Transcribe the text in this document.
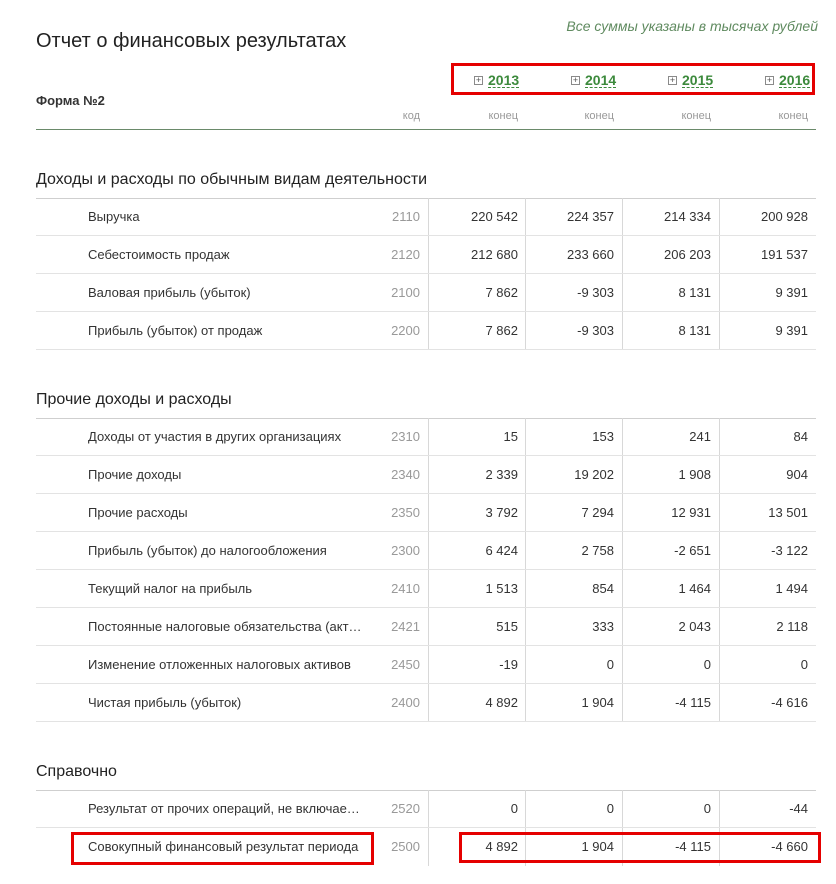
Отчет о финансовых результатах
Все суммы указаны в тысячах рублей
Форма №2
+ 2013	+ 2014	+ 2015	+ 2016
код	конец	конец	конец	конец
Доходы и расходы по обычным видам деятельности
Выручка	2110	220 542	224 357	214 334	200 928
Себестоимость продаж	2120	212 680	233 660	206 203	191 537
Валовая прибыль (убыток)	2100	7 862	-9 303	8 131	9 391
Прибыль (убыток) от продаж	2200	7 862	-9 303	8 131	9 391
Прочие доходы и расходы
Доходы от участия в других организациях	2310	15	153	241	84
Прочие доходы	2340	2 339	19 202	1 908	904
Прочие расходы	2350	3 792	7 294	12 931	13 501
Прибыль (убыток) до налогообложения	2300	6 424	2 758	-2 651	-3 122
Текущий налог на прибыль	2410	1 513	854	1 464	1 494
Постоянные налоговые обязательства (акт…	2421	515	333	2 043	2 118
Изменение отложенных налоговых активов	2450	-19	0	0	0
Чистая прибыль (убыток)	2400	4 892	1 904	-4 115	-4 616
Справочно
Результат от прочих операций, не включае…	2520	0	0	0	-44
Совокупный финансовый результат периода	2500	4 892	1 904	-4 115	-4 660
